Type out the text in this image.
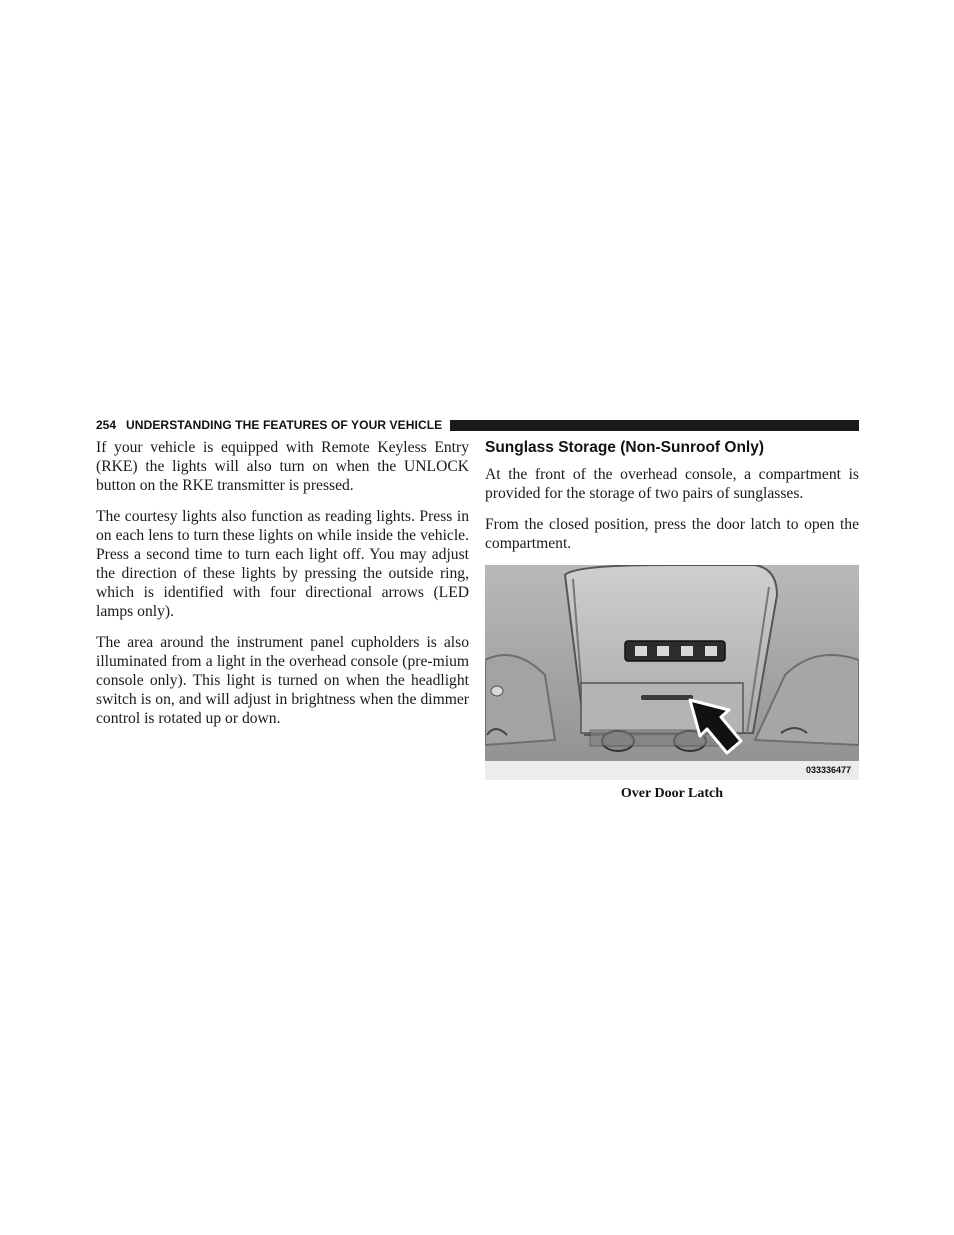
254 UNDERSTANDING THE FEATURES OF YOUR VEHICLE

If your vehicle is equipped with Remote Keyless Entry (RKE) the lights will also turn on when the UNLOCK button on the RKE transmitter is pressed.

The courtesy lights also function as reading lights. Press in on each lens to turn these lights on while inside the vehicle. Press a second time to turn each light off. You may adjust the direction of these lights by pressing the outside ring, which is identified with four directional arrows (LED lamps only).

The area around the instrument panel cupholders is also illuminated from a light in the overhead console (pre-mium console only). This light is turned on when the headlight switch is on, and will adjust in brightness when the dimmer control is rotated up or down.

Sunglass Storage (Non-Sunroof Only)

At the front of the overhead console, a compartment is provided for the storage of two pairs of sunglasses.

From the closed position, press the door latch to open the compartment.

033336477
Over Door Latch
